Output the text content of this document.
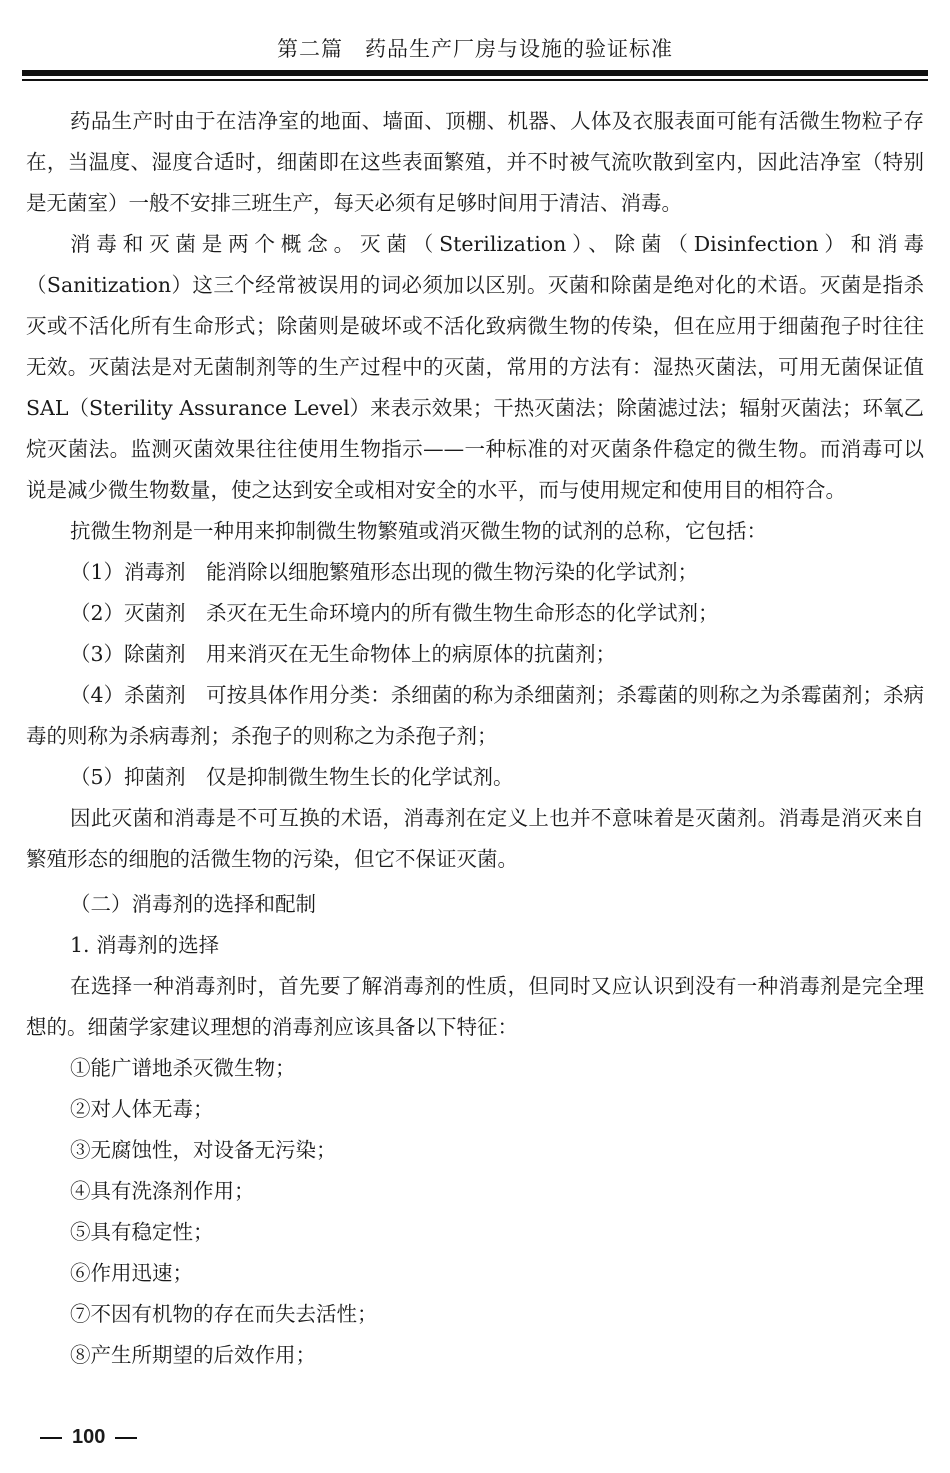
第二篇　药品生产厂房与设施的验证标准

药品生产时由于在洁净室的地面、墙面、顶棚、机器、人体及衣服表面可能有活微生物粒子存在，当温度、湿度合适时，细菌即在这些表面繁殖，并不时被气流吹散到室内，因此洁净室（特别是无菌室）一般不安排三班生产，每天必须有足够时间用于清洁、消毒。

消毒和灭菌是两个概念。灭菌（Sterilization）、除菌（Disinfection）和消毒（Sanitization）这三个经常被误用的词必须加以区别。灭菌和除菌是绝对化的术语。灭菌是指杀灭或不活化所有生命形式；除菌则是破坏或不活化致病微生物的传染，但在应用于细菌孢子时往往无效。灭菌法是对无菌制剂等的生产过程中的灭菌，常用的方法有：湿热灭菌法，可用无菌保证值 SAL（Sterility Assurance Level）来表示效果；干热灭菌法；除菌滤过法；辐射灭菌法；环氧乙烷灭菌法。监测灭菌效果往往使用生物指示——一种标准的对灭菌条件稳定的微生物。而消毒可以说是减少微生物数量，使之达到安全或相对安全的水平，而与使用规定和使用目的相符合。

抗微生物剂是一种用来抑制微生物繁殖或消灭微生物的试剂的总称，它包括：

（1）消毒剂　能消除以细胞繁殖形态出现的微生物污染的化学试剂；

（2）灭菌剂　杀灭在无生命环境内的所有微生物生命形态的化学试剂；

（3）除菌剂　用来消灭在无生命物体上的病原体的抗菌剂；

（4）杀菌剂　可按具体作用分类：杀细菌的称为杀细菌剂；杀霉菌的则称之为杀霉菌剂；杀病毒的则称为杀病毒剂；杀孢子的则称之为杀孢子剂；

（5）抑菌剂　仅是抑制微生物生长的化学试剂。

因此灭菌和消毒是不可互换的术语，消毒剂在定义上也并不意味着是灭菌剂。消毒是消灭来自繁殖形态的细胞的活微生物的污染，但它不保证灭菌。

（二）消毒剂的选择和配制

1. 消毒剂的选择

在选择一种消毒剂时，首先要了解消毒剂的性质，但同时又应认识到没有一种消毒剂是完全理想的。细菌学家建议理想的消毒剂应该具备以下特征：

①能广谱地杀灭微生物；

②对人体无毒；

③无腐蚀性，对设备无污染；

④具有洗涤剂作用；

⑤具有稳定性；

⑥作用迅速；

⑦不因有机物的存在而失去活性；

⑧产生所期望的后效作用；

100
